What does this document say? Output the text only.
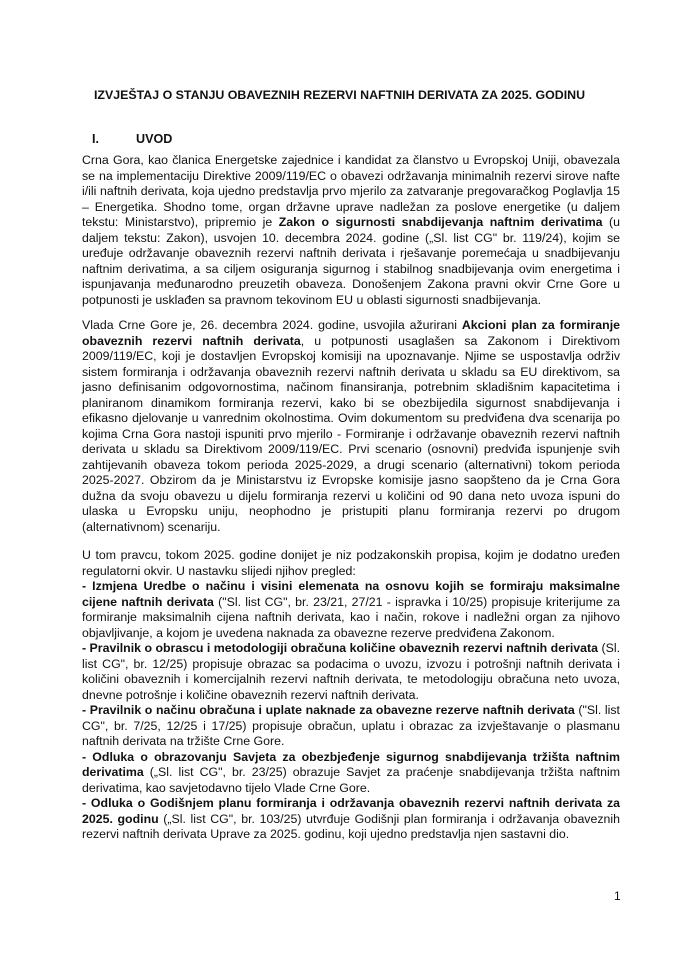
IZVJEŠTAJ O STANJU OBAVEZNIH REZERVI NAFTNIH DERIVATA ZA 2025. GODINU
I.	UVOD
Crna Gora, kao članica Energetske zajednice i kandidat za članstvo u Evropskoj Uniji, obavezala se na implementaciju Direktive 2009/119/EC o obavezi održavanja minimalnih rezervi sirove nafte i/ili naftnih derivata, koja ujedno predstavlja prvo mjerilo za zatvaranje pregovaračkog Poglavlja 15 – Energetika. Shodno tome, organ državne uprave nadležan za poslove energetike (u daljem tekstu: Ministarstvo), pripremio je Zakon o sigurnosti snabdijevanja naftnim derivatima (u daljem tekstu: Zakon), usvojen 10. decembra 2024. godine („Sl. list CG" br. 119/24), kojim se uređuje održavanje obaveznih rezervi naftnih derivata i rješavanje poremećaja u snadbijevanju naftnim derivatima, a sa ciljem osiguranja sigurnog i stabilnog snadbijevanja ovim energetima i ispunjavanja međunarodno preuzetih obaveza. Donošenjem Zakona pravni okvir Crne Gore u potpunosti je usklađen sa pravnom tekovinom EU u oblasti sigurnosti snadbijevanja.
Vlada Crne Gore je, 26. decembra 2024. godine, usvojila ažurirani Akcioni plan za formiranje obaveznih rezervi naftnih derivata, u potpunosti usaglašen sa Zakonom i Direktivom 2009/119/EC, koji je dostavljen Evropskoj komisiji na upoznavanje. Njime se uspostavlja održiv sistem formiranja i održavanja obaveznih rezervi naftnih derivata u skladu sa EU direktivom, sa jasno definisanim odgovornostima, načinom finansiranja, potrebnim skladišnim kapacitetima i planiranom dinamikom formiranja rezervi, kako bi se obezbijedila sigurnost snabdijevanja i efikasno djelovanje u vanrednim okolnostima. Ovim dokumentom su predviđena dva scenarija po kojima Crna Gora nastoji ispuniti prvo mjerilo - Formiranje i održavanje obaveznih rezervi naftnih derivata u skladu sa Direktivom 2009/119/EC. Prvi scenario (osnovni) predviđa ispunjenje svih zahtijevanih obaveza tokom perioda 2025-2029, a drugi scenario (alternativni) tokom perioda 2025-2027. Obzirom da je Ministarstvu iz Evropske komisije jasno saopšteno da je Crna Gora dužna da svoju obavezu u dijelu formiranja rezervi u količini od 90 dana neto uvoza ispuni do ulaska u Evropsku uniju, neophodno je pristupiti planu formiranja rezervi po drugom (alternativnom) scenariju.
U tom pravcu, tokom 2025. godine donijet je niz podzakonskih propisa, kojim je dodatno uređen regulatorni okvir. U nastavku slijedi njihov pregled:
- Izmjena Uredbe o načinu i visini elemenata na osnovu kojih se formiraju maksimalne cijene naftnih derivata ("Sl. list CG", br. 23/21, 27/21 - ispravka i 10/25) propisuje kriterijume za formiranje maksimalnih cijena naftnih derivata, kao i način, rokove i nadležni organ za njihovo objavljivanje, a kojom je uvedena naknada za obavezne rezerve predviđena Zakonom.
- Pravilnik o obrascu i metodologiji obračuna količine obaveznih rezervi naftnih derivata (Sl. list CG", br. 12/25) propisuje obrazac sa podacima o uvozu, izvozu i potrošnji naftnih derivata i količini obaveznih i komercijalnih rezervi naftnih derivata, te metodologiju obračuna neto uvoza, dnevne potrošnje i količine obaveznih rezervi naftnih derivata.
- Pravilnik o načinu obračuna i uplate naknade za obavezne rezerve naftnih derivata ("Sl. list CG", br. 7/25, 12/25 i 17/25) propisuje obračun, uplatu i obrazac za izvještavanje o plasmanu naftnih derivata na tržište Crne Gore.
- Odluka o obrazovanju Savjeta za obezbjeđenje sigurnog snabdijevanja tržišta naftnim derivatima („Sl. list CG", br. 23/25) obrazuje Savjet za praćenje snabdijevanja tržišta naftnim derivatima, kao savjetodavno tijelo Vlade Crne Gore.
- Odluka o Godišnjem planu formiranja i održavanja obaveznih rezervi naftnih derivata za 2025. godinu („Sl. list CG", br. 103/25) utvrđuje Godišnji plan formiranja i održavanja obaveznih rezervi naftnih derivata Uprave za 2025. godinu, koji ujedno predstavlja njen sastavni dio.
1
